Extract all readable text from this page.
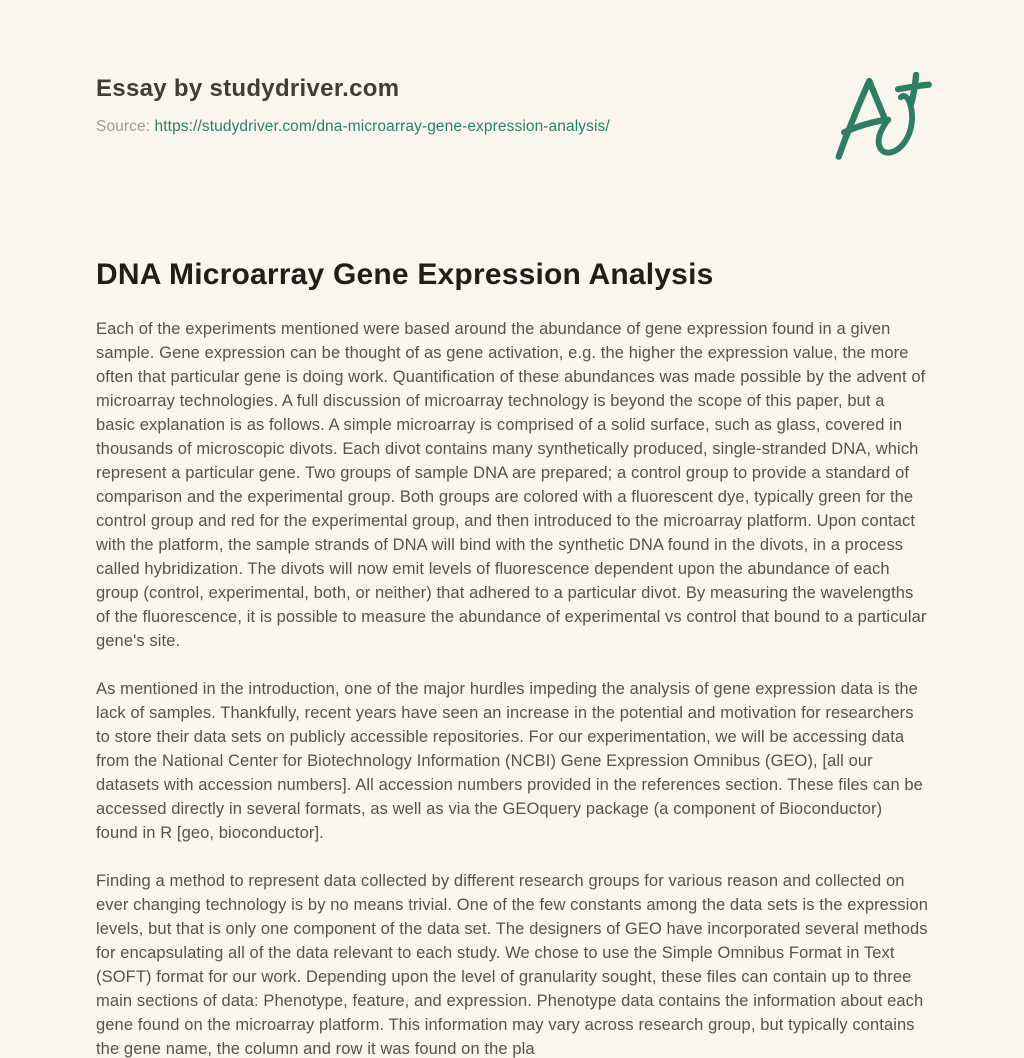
Essay by studydriver.com

Source: https://studydriver.com/dna-microarray-gene-expression-analysis/

DNA Microarray Gene Expression Analysis

Each of the experiments mentioned were based around the abundance of gene expression found in a given sample. Gene expression can be thought of as gene activation, e.g. the higher the expression value, the more often that particular gene is doing work. Quantification of these abundances was made possible by the advent of microarray technologies. A full discussion of microarray technology is beyond the scope of this paper, but a basic explanation is as follows. A simple microarray is comprised of a solid surface, such as glass, covered in thousands of microscopic divots. Each divot contains many synthetically produced, single-stranded DNA, which represent a particular gene. Two groups of sample DNA are prepared; a control group to provide a standard of comparison and the experimental group. Both groups are colored with a fluorescent dye, typically green for the control group and red for the experimental group, and then introduced to the microarray platform. Upon contact with the platform, the sample strands of DNA will bind with the synthetic DNA found in the divots, in a process called hybridization. The divots will now emit levels of fluorescence dependent upon the abundance of each group (control, experimental, both, or neither) that adhered to a particular divot. By measuring the wavelengths of the fluorescence, it is possible to measure the abundance of experimental vs control that bound to a particular gene's site.

As mentioned in the introduction, one of the major hurdles impeding the analysis of gene expression data is the lack of samples. Thankfully, recent years have seen an increase in the potential and motivation for researchers to store their data sets on publicly accessible repositories. For our experimentation, we will be accessing data from the National Center for Biotechnology Information (NCBI) Gene Expression Omnibus (GEO), [all our datasets with accession numbers]. All accession numbers provided in the references section. These files can be accessed directly in several formats, as well as via the GEOquery package (a component of Bioconductor) found in R [geo, bioconductor].

Finding a method to represent data collected by different research groups for various reason and collected on ever changing technology is by no means trivial. One of the few constants among the data sets is the expression levels, but that is only one component of the data set. The designers of GEO have incorporated several methods for encapsulating all of the data relevant to each study. We chose to use the Simple Omnibus Format in Text (SOFT) format for our work. Depending upon the level of granularity sought, these files can contain up to three main sections of data: Phenotype, feature, and expression. Phenotype data contains the information about each gene found on the microarray platform. This information may vary across research group, but typically contains the gene name, the column and row it was found on the pla
